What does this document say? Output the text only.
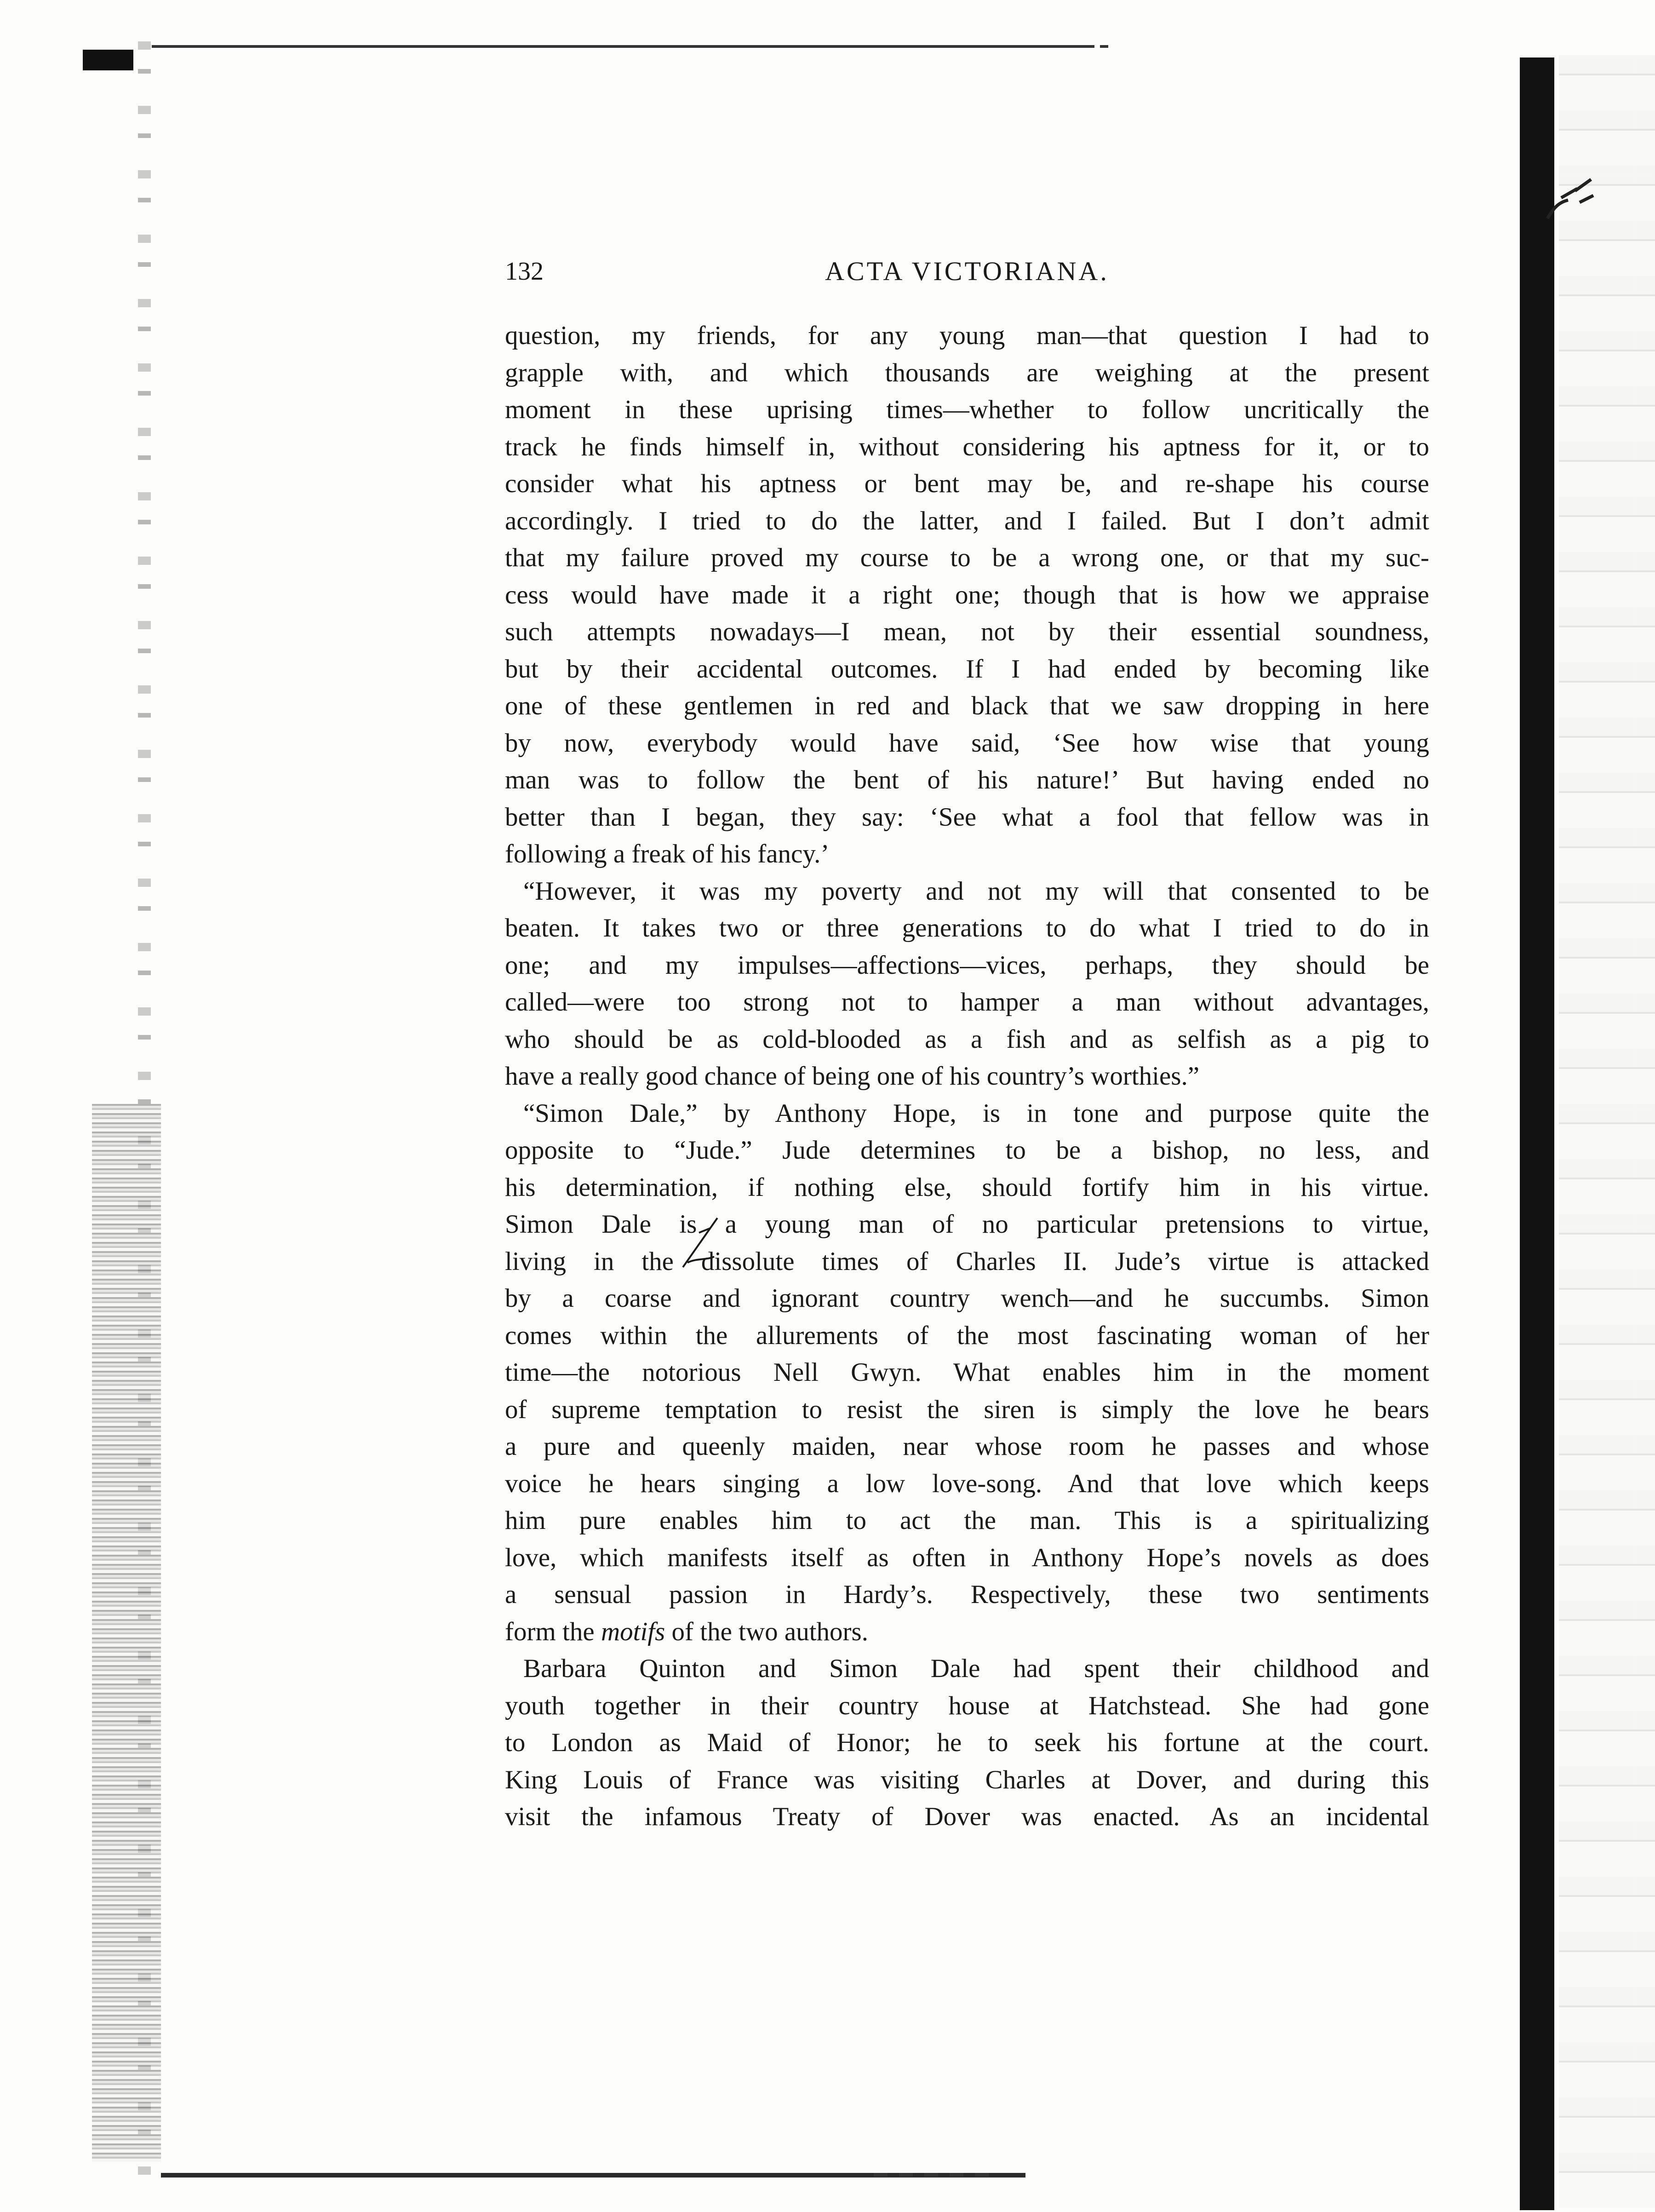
132	ACTA VICTORIANA.
question, my friends, for any young man—that question I had to
grapple with, and which thousands are weighing at the present
moment in these uprising times—whether to follow uncritically the
track he finds himself in, without considering his aptness for it, or to
consider what his aptness or bent may be, and re-shape his course
accordingly. I tried to do the latter, and I failed. But I don’t admit
that my failure proved my course to be a wrong one, or that my suc-
cess would have made it a right one; though that is how we appraise
such attempts nowadays—I mean, not by their essential soundness,
but by their accidental outcomes. If I had ended by becoming like
one of these gentlemen in red and black that we saw dropping in here
by now, everybody would have said, ‘See how wise that young
man was to follow the bent of his nature!’ But having ended no
better than I began, they say: ‘See what a fool that fellow was in
following a freak of his fancy.’
“However, it was my poverty and not my will that consented to be
beaten. It takes two or three generations to do what I tried to do in
one; and my impulses—affections—vices, perhaps, they should be
called—were too strong not to hamper a man without advantages,
who should be as cold-blooded as a fish and as selfish as a pig to
have a really good chance of being one of his country’s worthies.”
“Simon Dale,” by Anthony Hope, is in tone and purpose quite the
opposite to “Jude.” Jude determines to be a bishop, no less, and
his determination, if nothing else, should fortify him in his virtue.
Simon Dale is a young man of no particular pretensions to virtue,
living in the dissolute times of Charles II. Jude’s virtue is attacked
by a coarse and ignorant country wench—and he succumbs. Simon
comes within the allurements of the most fascinating woman of her
time—the notorious Nell Gwyn. What enables him in the moment
of supreme temptation to resist the siren is simply the love he bears
a pure and queenly maiden, near whose room he passes and whose
voice he hears singing a low love-song. And that love which keeps
him pure enables him to act the man. This is a spiritualizing
love, which manifests itself as often in Anthony Hope’s novels as does
a sensual passion in Hardy’s. Respectively, these two sentiments
form the motifs of the two authors.
Barbara Quinton and Simon Dale had spent their childhood and
youth together in their country house at Hatchstead. She had gone
to London as Maid of Honor; he to seek his fortune at the court.
King Louis of France was visiting Charles at Dover, and during this
visit the infamous Treaty of Dover was enacted. As an incidental
